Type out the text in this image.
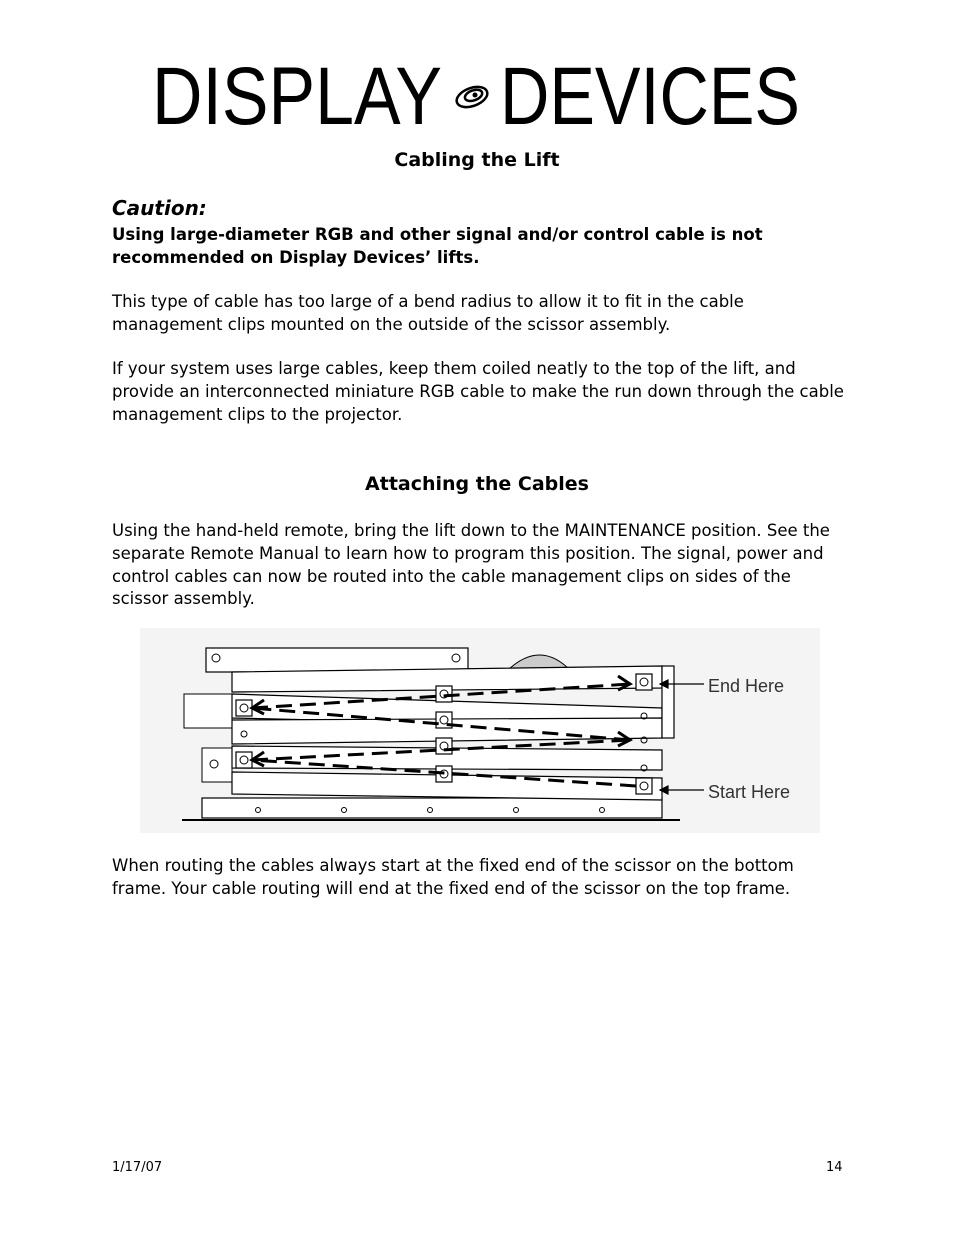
DISPLAY DEVICES
Cabling the Lift
Caution:
Using large-diameter RGB and other signal and/or control cable is not recommended on Display Devices’ lifts.
This type of cable has too large of a bend radius to allow it to fit in the cable management clips mounted on the outside of the scissor assembly.
If your system uses large cables, keep them coiled neatly to the top of the lift, and provide an interconnected miniature RGB cable to make the run down through the cable management clips to the projector.
Attaching the Cables
Using the hand-held remote, bring the lift down to the MAINTENANCE position. See the separate Remote Manual to learn how to program this position. The signal, power and control cables can now be routed into the cable management clips on sides of the scissor assembly.
End Here
Start Here
When routing the cables always start at the fixed end of the scissor on the bottom frame. Your cable routing will end at the fixed end of the scissor on the top frame.
1/17/07	14
